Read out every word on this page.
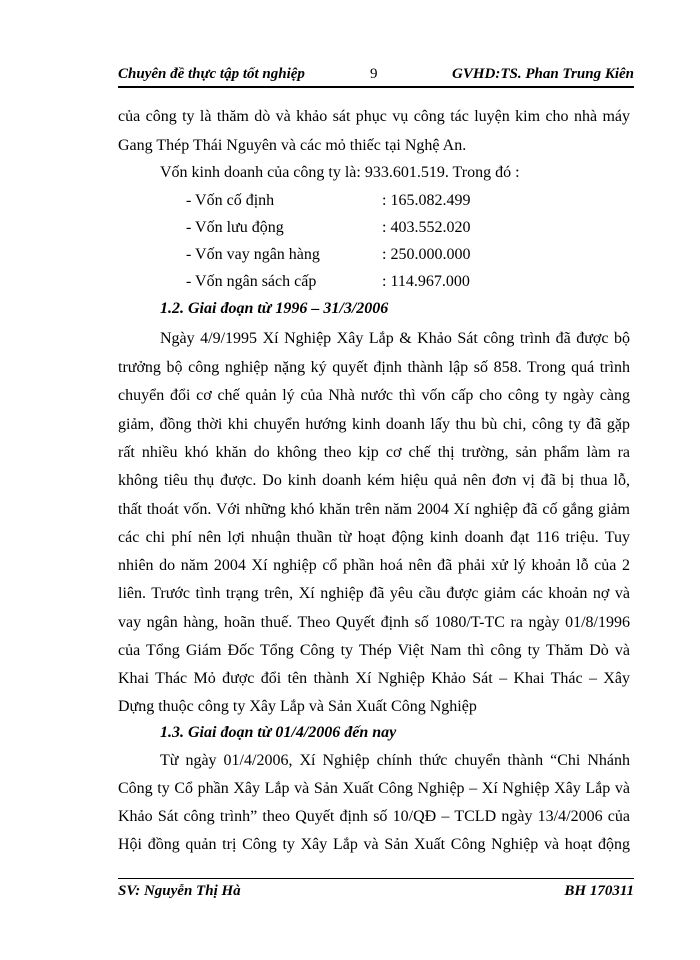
Chuyên đề thực tập tốt nghiệp	9	GVHD:TS. Phan Trung Kiên
của công ty là thăm dò và khảo sát phục vụ công tác luyện kim cho nhà máy
Gang Thép Thái Nguyên và các mỏ thiếc tại Nghệ An.
Vốn kinh doanh của công ty là: 933.601.519. Trong đó :
- Vốn cố định	: 165.082.499
- Vốn lưu động	: 403.552.020
- Vốn vay ngân hàng	: 250.000.000
- Vốn ngân sách cấp	: 114.967.000
1.2. Giai đoạn từ 1996 – 31/3/2006
Ngày 4/9/1995 Xí Nghiệp Xây Lắp & Khảo Sát công trình đã được bộ
trưởng bộ công nghiệp nặng ký quyết định thành lập số 858. Trong quá trình
chuyển đổi cơ chế quản lý của Nhà nước thì vốn cấp cho công ty ngày càng
giảm, đồng thời khi chuyển hướng kinh doanh lấy thu bù chi, công ty đã gặp
rất nhiều khó khăn do không theo kịp cơ chế thị trường, sản phẩm làm ra
không tiêu thụ được. Do kinh doanh kém hiệu quả nên đơn vị đã bị thua lỗ,
thất thoát vốn. Với những khó khăn trên năm 2004 Xí nghiệp đã cố gắng giảm
các chi phí nên lợi nhuận thuần từ hoạt động kinh doanh đạt 116 triệu. Tuy
nhiên do năm 2004 Xí nghiệp cổ phần hoá nên đã phải xử lý khoản lỗ của 2
liên. Trước tình trạng trên, Xí nghiệp đã yêu cầu được giảm các khoản nợ và
vay ngân hàng, hoãn thuế. Theo Quyết định số 1080/T-TC ra ngày 01/8/1996
của Tổng Giám Đốc Tổng Công ty Thép Việt Nam thì công ty Thăm Dò và
Khai Thác Mỏ được đổi tên thành Xí Nghiệp Khảo Sát – Khai Thác – Xây
Dựng thuộc công ty Xây Lắp và Sản Xuất Công Nghiệp
1.3. Giai đoạn từ 01/4/2006 đến nay
Từ ngày 01/4/2006, Xí Nghiệp chính thức chuyển thành “Chi Nhánh
Công ty Cổ phần Xây Lắp và Sản Xuất Công Nghiệp – Xí Nghiệp Xây Lắp và
Khảo Sát công trình” theo Quyết định số 10/QĐ – TCLD ngày 13/4/2006 của
Hội đồng quản trị Công ty Xây Lắp và Sản Xuất Công Nghiệp và hoạt động
SV: Nguyễn Thị Hà	BH 170311
